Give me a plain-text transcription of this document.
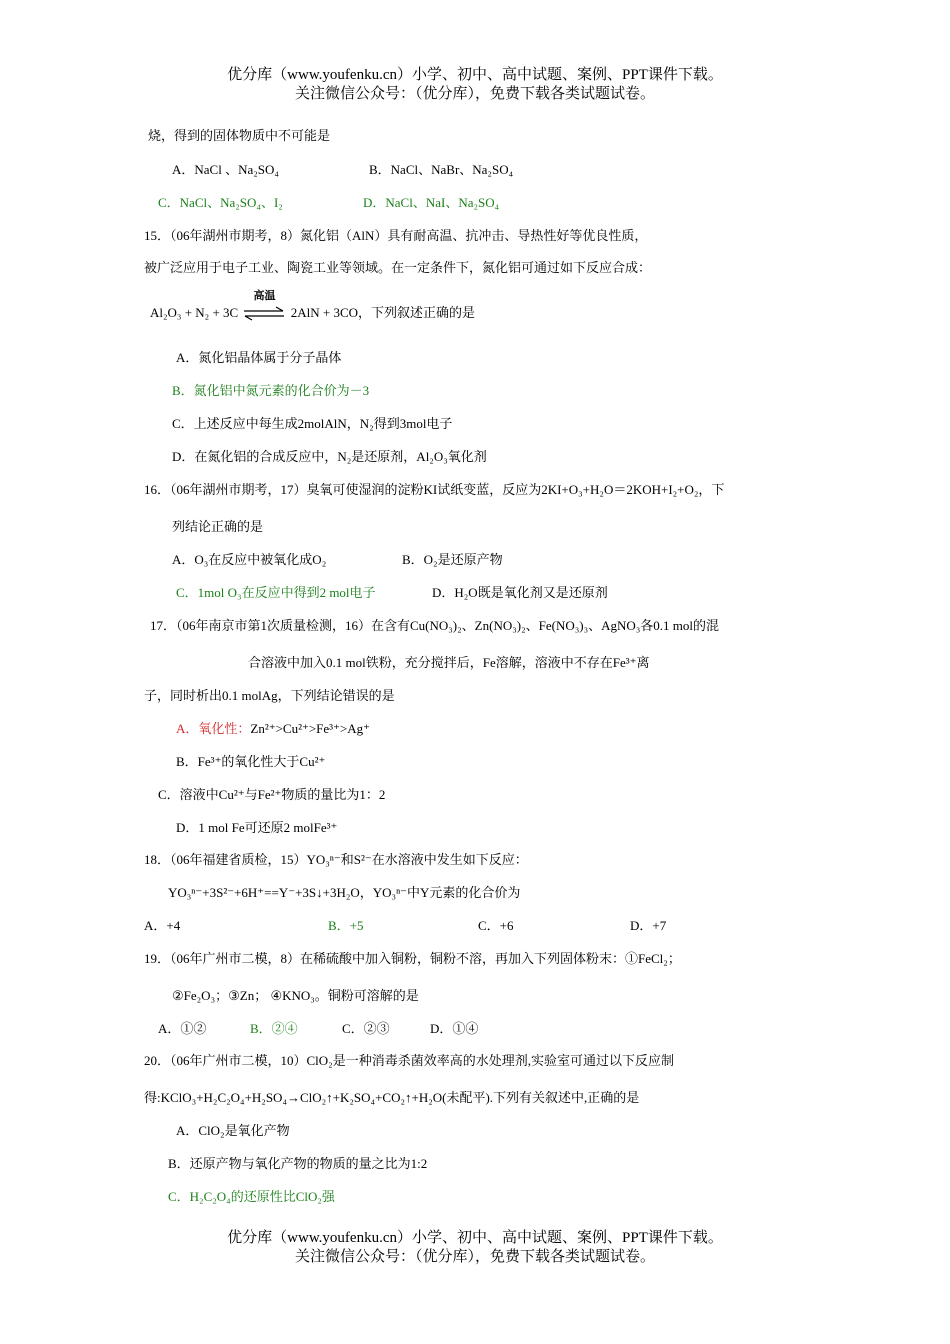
优分库（www.youfenku.cn）小学、初中、高中试题、案例、PPT课件下载。
关注微信公众号：（优分库），免费下载各类试题试卷。
烧，得到的固体物质中不可能是
A．NaCl 、Na₂SO₄	B．NaCl、NaBr、Na₂SO₄
C．NaCl、Na₂SO₄、I₂	D．NaCl、NaI、Na₂SO₄
15．（06年湖州市期考，8）氮化铝（AlN）具有耐高温、抗冲击、导热性好等优良性质，
被广泛应用于电子工业、陶瓷工业等领域。在一定条件下，氮化铝可通过如下反应合成：
Al₂O₃ + N₂ + 3C
高温
2AlN + 3CO，下列叙述正确的是
A．氮化铝晶体属于分子晶体
B．氮化铝中氮元素的化合价为－3
C．上述反应中每生成2molAlN，N₂得到3mol电子
D．在氮化铝的合成反应中，N₂是还原剂，Al₂O₃氧化剂
16．（06年湖州市期考，17）臭氧可使湿润的淀粉KI试纸变蓝，反应为2KI+O₃+H₂O＝2KOH+I₂+O₂，下
列结论正确的是
A．O₃在反应中被氧化成O₂	B．O₂是还原产物
C．1mol O₃在反应中得到2 mol电子	D．H₂O既是氧化剂又是还原剂
17．（06年南京市第1次质量检测，16）在含有Cu(NO₃)₂、Zn(NO₃)₂、Fe(NO₃)₃、AgNO₃各0.1 mol的混
合溶液中加入0.1 mol铁粉，充分搅拌后，Fe溶解，溶液中不存在Fe³⁺离
子，同时析出0.1 molAg，下列结论错误的是
A．氧化性：Zn²⁺>Cu²⁺>Fe³⁺>Ag⁺
B．Fe³⁺的氧化性大于Cu²⁺
C．溶液中Cu²⁺与Fe²⁺物质的量比为1：2
D．1 mol Fe可还原2 molFe³⁺
18．（06年福建省质检，15）YO₃ⁿ⁻和S²⁻在水溶液中发生如下反应：
YO₃ⁿ⁻+3S²⁻+6H⁺==Y⁻+3S↓+3H₂O，YO₃ⁿ⁻中Y元素的化合价为
A．+4	B．+5	C．+6	D．+7
19．（06年广州市二模，8）在稀硫酸中加入铜粉，铜粉不溶，再加入下列固体粉末：①FeCl₂；
②Fe₂O₃；③Zn； ④KNO₃。铜粉可溶解的是
A．①②	B．②④	C．②③	D．①④
20．（06年广州市二模，10）ClO₂是一种消毒杀菌效率高的水处理剂,实验室可通过以下反应制
得:KClO₃+H₂C₂O₄+H₂SO₄→ClO₂↑+K₂SO₄+CO₂↑+H₂O(未配平).下列有关叙述中,正确的是
A．ClO₂是氧化产物
B．还原产物与氧化产物的物质的量之比为1:2
C．H₂C₂O₄的还原性比ClO₂强
优分库（www.youfenku.cn）小学、初中、高中试题、案例、PPT课件下载。
关注微信公众号：（优分库），免费下载各类试题试卷。
